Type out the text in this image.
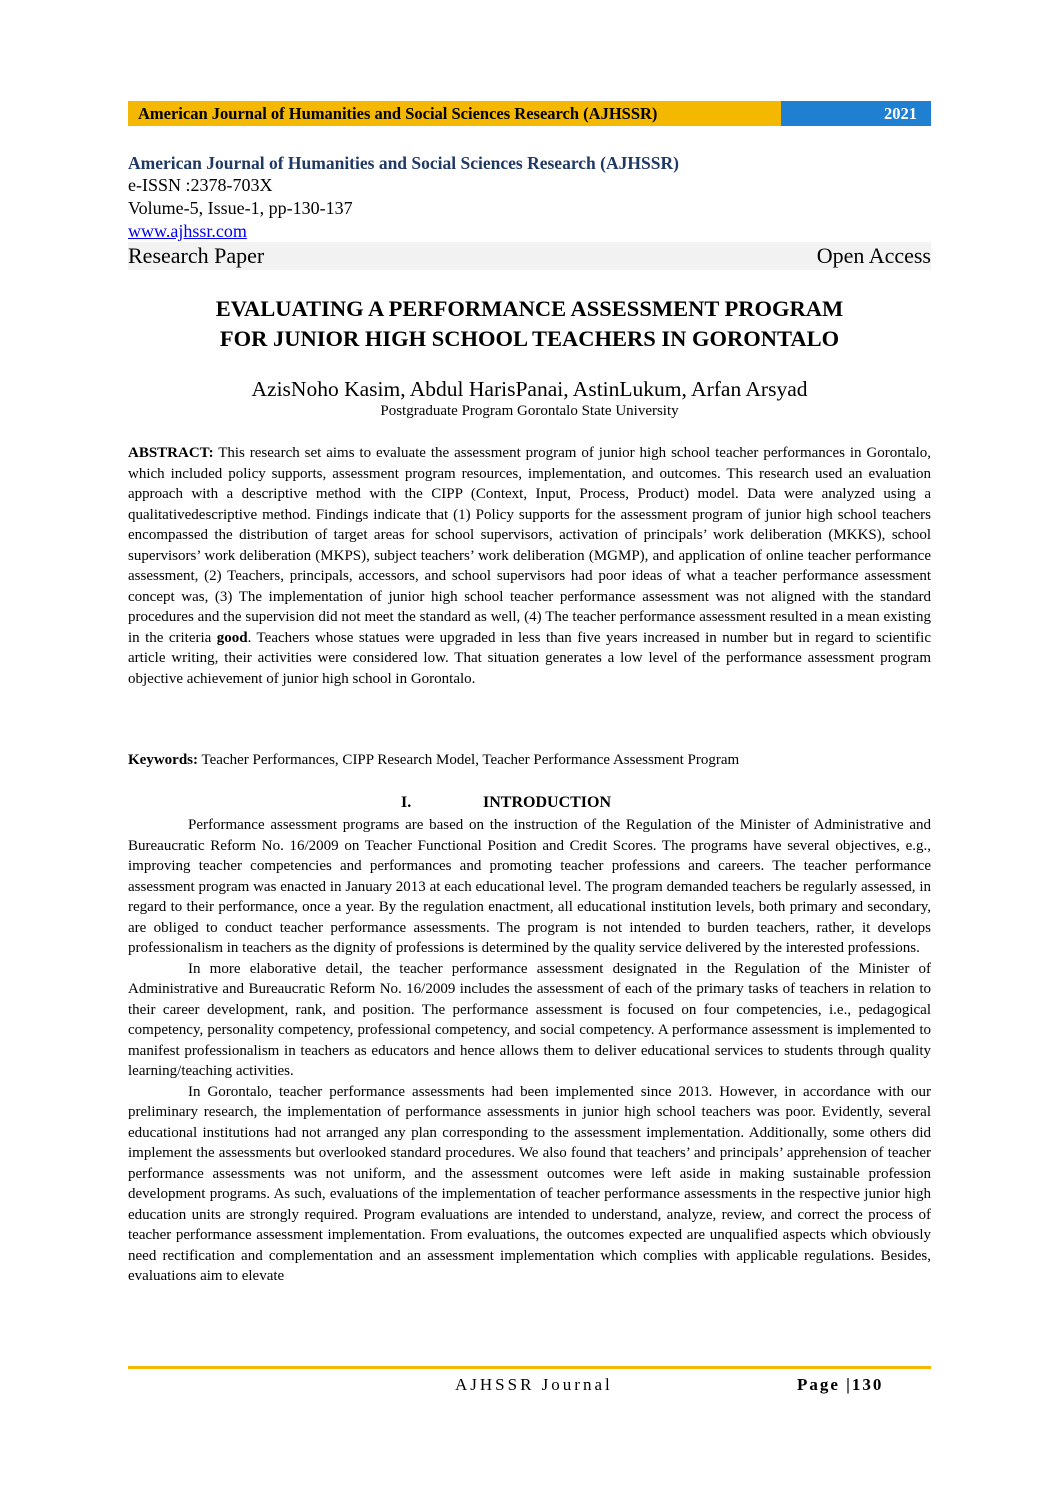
American Journal of Humanities and Social Sciences Research (AJHSSR)	2021
American Journal of Humanities and Social Sciences Research (AJHSSR)
e-ISSN :2378-703X
Volume-5, Issue-1, pp-130-137
www.ajhssr.com
Research Paper	Open Access
EVALUATING A PERFORMANCE ASSESSMENT PROGRAM
FOR JUNIOR HIGH SCHOOL TEACHERS IN GORONTALO
AzisNoho Kasim, Abdul HarisPanai, AstinLukum, Arfan Arsyad
Postgraduate Program Gorontalo State University

ABSTRACT: This research set aims to evaluate the assessment program of junior high school teacher performances in Gorontalo, which included policy supports, assessment program resources, implementation, and outcomes. This research used an evaluation approach with a descriptive method with the CIPP (Context, Input, Process, Product) model. Data were analyzed using a qualitativedescriptive method. Findings indicate that (1) Policy supports for the assessment program of junior high school teachers encompassed the distribution of target areas for school supervisors, activation of principals’ work deliberation (MKKS), school supervisors’ work deliberation (MKPS), subject teachers’ work deliberation (MGMP), and application of online teacher performance assessment, (2) Teachers, principals, accessors, and school supervisors had poor ideas of what a teacher performance assessment concept was, (3) The implementation of junior high school teacher performance assessment was not aligned with the standard procedures and the supervision did not meet the standard as well, (4) The teacher performance assessment resulted in a mean existing in the criteria good. Teachers whose statues were upgraded in less than five years increased in number but in regard to scientific article writing, their activities were considered low. That situation generates a low level of the performance assessment program objective achievement of junior high school in Gorontalo.

Keywords: Teacher Performances, CIPP Research Model, Teacher Performance Assessment Program

I.	INTRODUCTION

Performance assessment programs are based on the instruction of the Regulation of the Minister of Administrative and Bureaucratic Reform No. 16/2009 on Teacher Functional Position and Credit Scores. The programs have several objectives, e.g., improving teacher competencies and performances and promoting teacher professions and careers. The teacher performance assessment program was enacted in January 2013 at each educational level. The program demanded teachers be regularly assessed, in regard to their performance, once a year. By the regulation enactment, all educational institution levels, both primary and secondary, are obliged to conduct teacher performance assessments. The program is not intended to burden teachers, rather, it develops professionalism in teachers as the dignity of professions is determined by the quality service delivered by the interested professions.

In more elaborative detail, the teacher performance assessment designated in the Regulation of the Minister of Administrative and Bureaucratic Reform No. 16/2009 includes the assessment of each of the primary tasks of teachers in relation to their career development, rank, and position. The performance assessment is focused on four competencies, i.e., pedagogical competency, personality competency, professional competency, and social competency. A performance assessment is implemented to manifest professionalism in teachers as educators and hence allows them to deliver educational services to students through quality learning/teaching activities.

In Gorontalo, teacher performance assessments had been implemented since 2013. However, in accordance with our preliminary research, the implementation of performance assessments in junior high school teachers was poor. Evidently, several educational institutions had not arranged any plan corresponding to the assessment implementation. Additionally, some others did implement the assessments but overlooked standard procedures. We also found that teachers’ and principals’ apprehension of teacher performance assessments was not uniform, and the assessment outcomes were left aside in making sustainable profession development programs. As such, evaluations of the implementation of teacher performance assessments in the respective junior high education units are strongly required. Program evaluations are intended to understand, analyze, review, and correct the process of teacher performance assessment implementation. From evaluations, the outcomes expected are unqualified aspects which obviously need rectification and complementation and an assessment implementation which complies with applicable regulations. Besides, evaluations aim to elevate

AJHSSR Journal	Page |130
